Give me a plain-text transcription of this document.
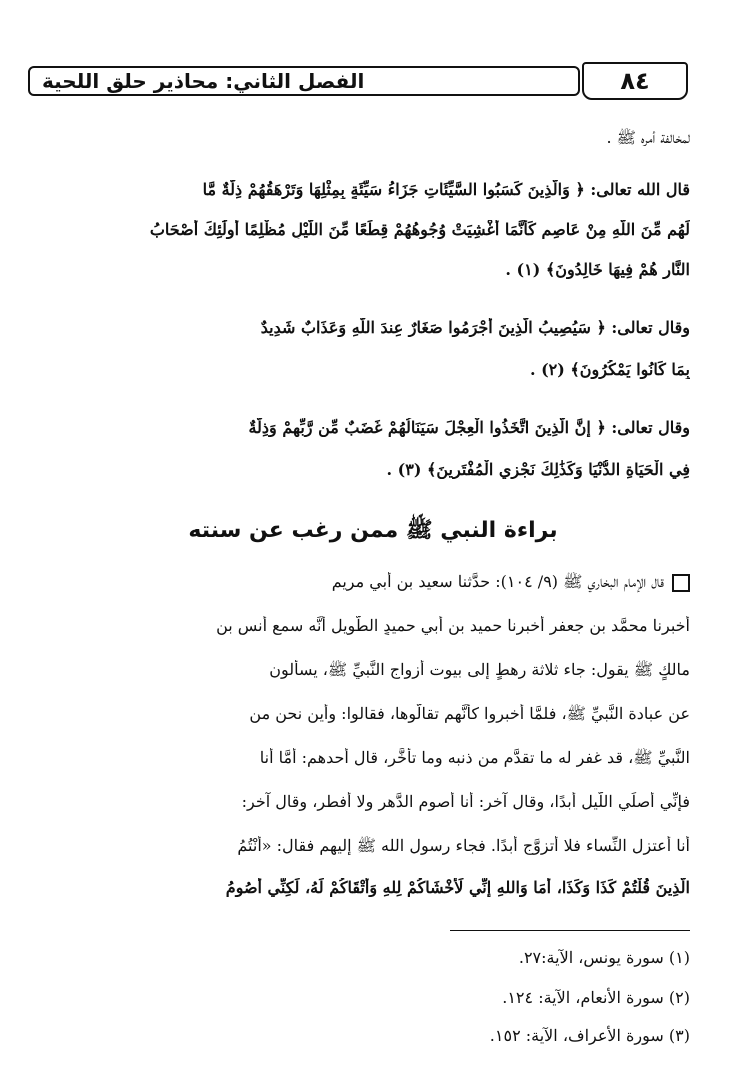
الفصل الثاني: محاذير حلق اللحية	٨٤
لمخالفة أمره ﷺ .
قال الله تعالى: ﴿ وَالَّذِينَ كَسَبُوا السَّيِّئَاتِ جَزَاءُ سَيِّئَةٍ بِمِثْلِهَا وَتَرْهَقُهُمْ ذِلَّةٌ مَّا
لَهُم مِّنَ اللَّهِ مِنْ عَاصِمٍ كَأَنَّمَا أُغْشِيَتْ وُجُوهُهُمْ قِطَعًا مِّنَ اللَّيْلِ مُظْلِمًا أُولَٰئِكَ أَصْحَابُ
النَّارِ هُمْ فِيهَا خَالِدُونَ﴾ (١) .
وقال تعالى: ﴿ سَيُصِيبُ الَّذِينَ أَجْرَمُوا صَغَارٌ عِندَ اللَّهِ وَعَذَابٌ شَدِيدٌ
بِمَا كَانُوا يَمْكُرُونَ﴾ (٢) .
وقال تعالى: ﴿ إِنَّ الَّذِينَ اتَّخَذُوا الْعِجْلَ سَيَنَالُهُمْ غَضَبٌ مِّن رَّبِّهِمْ وَذِلَّةٌ
فِي الْحَيَاةِ الدُّنْيَا وَكَذَٰلِكَ نَجْزِي الْمُفْتَرِينَ﴾ (٣) .
براءة النبي ﷺ ممن رغب عن سنته
قال الإمام البخاري ﷺ (٩/ ١٠٤): حدَّثنا سعيد بن أبي مريم
أخبرنا محمَّد بن جعفرٍ أخبرنا حميد بن أبي حميدٍ الطَّويل أنَّه سمع أنس بن
مالكٍ ﷺ يقول: جاء ثلاثة رهطٍ إلى بيوت أزواج النَّبيِّ ﷺ، يسألون
عن عبادة النَّبيِّ ﷺ، فلمَّا أخبروا كأنَّهم تقالُّوها، فقالوا: وأين نحن من
النَّبيِّ ﷺ، قد غفر له ما تقدَّم من ذنبه وما تأخَّر، قال أحدهم: أمَّا أنا
فإنِّي أصلِّي اللَّيل أبدًا، وقال آخر: أنا أصوم الدَّهر ولا أفطر، وقال آخر:
أنا أعتزل النِّساء فلا أتزوَّج أبدًا. فجاء رسول الله ﷺ إليهم فقال: «أَنْتُمُ
الَّذِينَ قُلْتُمْ كَذَا وَكَذَا، أَمَا وَاللهِ إِنِّي لَأَخْشَاكُمْ لِلهِ وَأَتْقَاكُمْ لَهُ، لَكِنِّي أَصُومُ
(١) سورة يونس، الآية:٢٧.
(٢) سورة الأنعام، الآية: ١٢٤.
(٣) سورة الأعراف، الآية: ١٥٢.
